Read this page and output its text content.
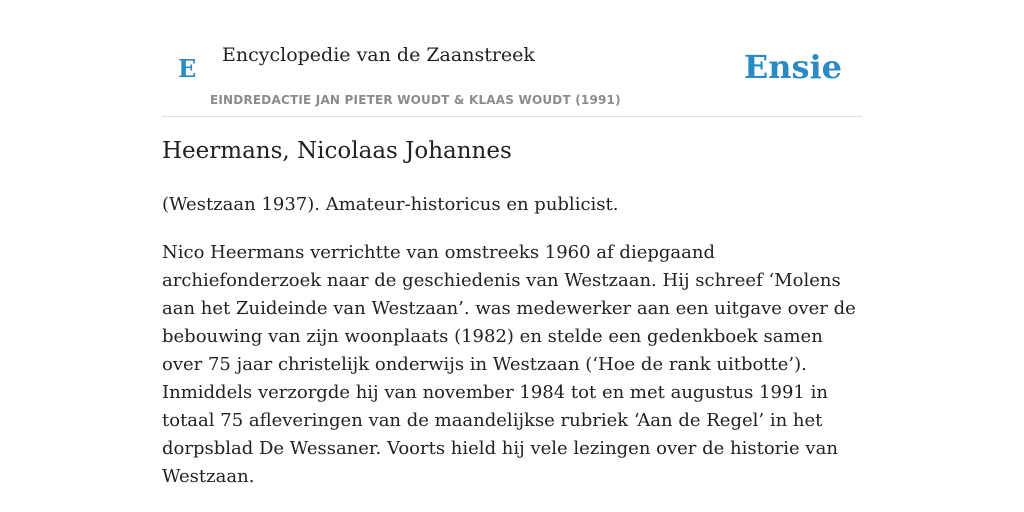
E Encyclopedie van de Zaanstreek
EINDREDACTIE JAN PIETER WOUDT & KLAAS WOUDT (1991)
Ensie
Heermans, Nicolaas Johannes

(Westzaan 1937). Amateur-historicus en publicist.

Nico Heermans verrichtte van omstreeks 1960 af diepgaand archiefonderzoek naar de geschiedenis van Westzaan. Hij schreef ‘Molens aan het Zuideinde van Westzaan’. was medewerker aan een uitgave over de bebouwing van zijn woonplaats (1982) en stelde een gedenkboek samen over 75 jaar christelijk onderwijs in Westzaan (‘Hoe de rank uitbotte’). Inmiddels verzorgde hij van november 1984 tot en met augustus 1991 in totaal 75 afleveringen van de maandelijkse rubriek ‘Aan de Regel’ in het dorpsblad De Wessaner. Voorts hield hij vele lezingen over de historie van Westzaan.
